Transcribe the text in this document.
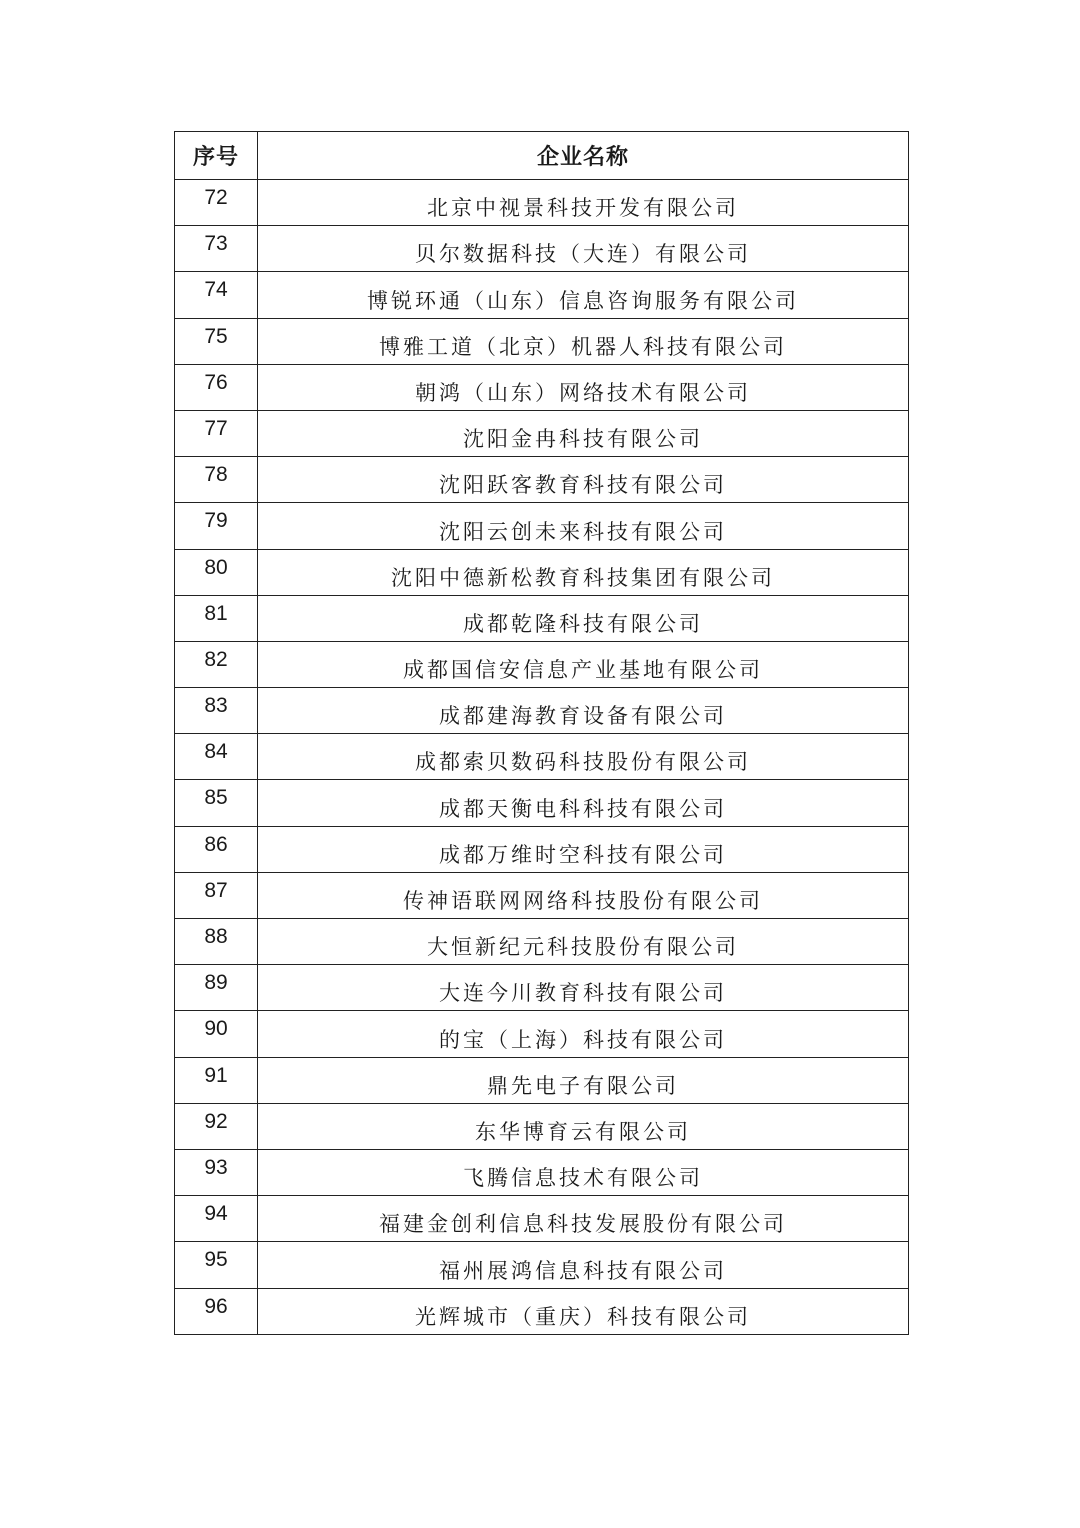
序号	企业名称
72	北京中视景科技开发有限公司
73	贝尔数据科技（大连）有限公司
74	博锐环通（山东）信息咨询服务有限公司
75	博雅工道（北京）机器人科技有限公司
76	朝鸿（山东）网络技术有限公司
77	沈阳金冉科技有限公司
78	沈阳跃客教育科技有限公司
79	沈阳云创未来科技有限公司
80	沈阳中德新松教育科技集团有限公司
81	成都乾隆科技有限公司
82	成都国信安信息产业基地有限公司
83	成都建海教育设备有限公司
84	成都索贝数码科技股份有限公司
85	成都天衡电科科技有限公司
86	成都万维时空科技有限公司
87	传神语联网网络科技股份有限公司
88	大恒新纪元科技股份有限公司
89	大连今川教育科技有限公司
90	的宝（上海）科技有限公司
91	鼎先电子有限公司
92	东华博育云有限公司
93	飞腾信息技术有限公司
94	福建金创利信息科技发展股份有限公司
95	福州展鸿信息科技有限公司
96	光辉城市（重庆）科技有限公司
